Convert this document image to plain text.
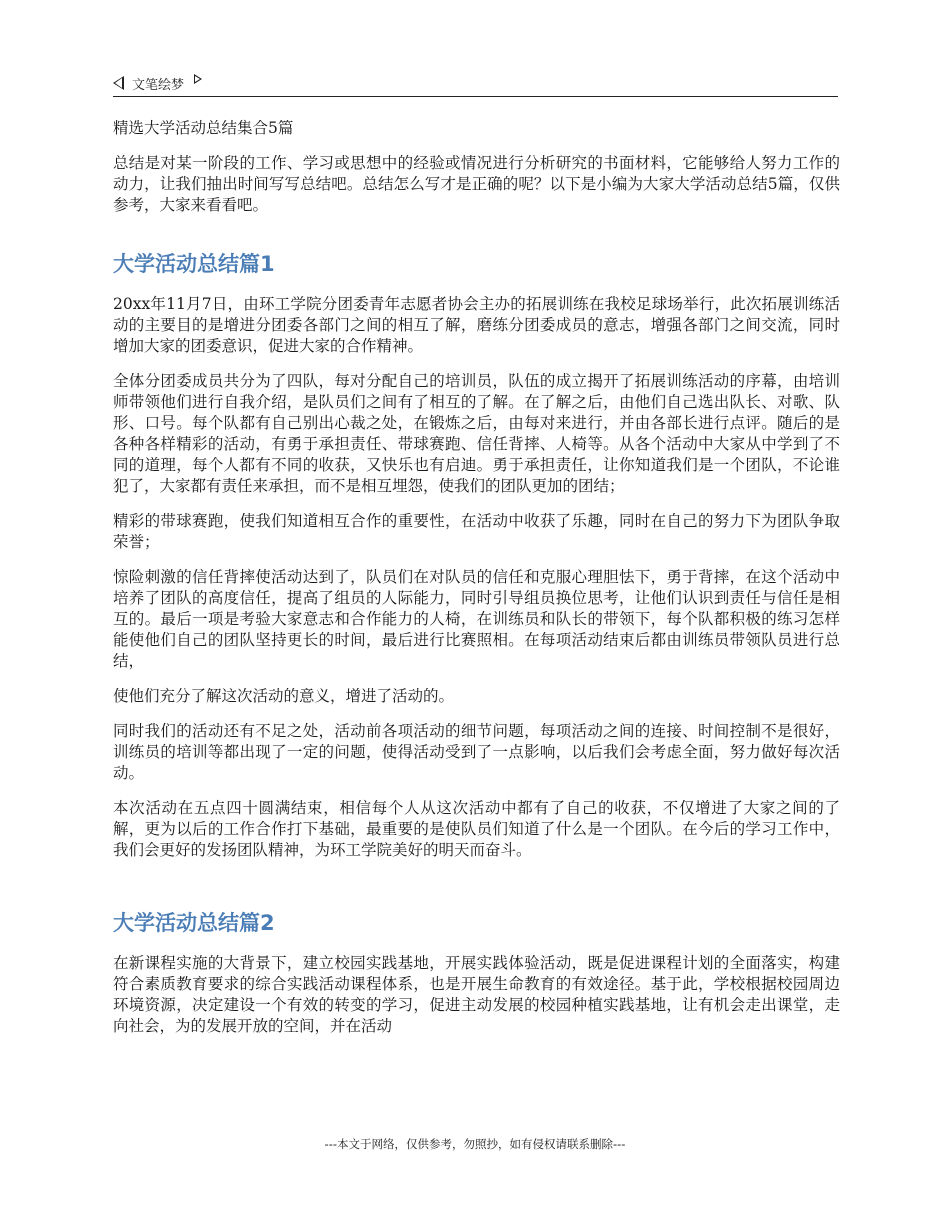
文笔绘梦

精选大学活动总结集合5篇

总结是对某一阶段的工作、学习或思想中的经验或情况进行分析研究的书面材料，它能够给人努力工作的动力，让我们抽出时间写写总结吧。总结怎么写才是正确的呢？以下是小编为大家大学活动总结5篇，仅供参考，大家来看看吧。

大学活动总结篇1

20xx年11月7日，由环工学院分团委青年志愿者协会主办的拓展训练在我校足球场举行，此次拓展训练活动的主要目的是增进分团委各部门之间的相互了解，磨练分团委成员的意志，增强各部门之间交流，同时增加大家的团委意识，促进大家的合作精神。

全体分团委成员共分为了四队，每对分配自己的培训员，队伍的成立揭开了拓展训练活动的序幕，由培训师带领他们进行自我介绍，是队员们之间有了相互的了解。在了解之后，由他们自己选出队长、对歌、队形、口号。每个队都有自己别出心裁之处，在锻炼之后，由每对来进行，并由各部长进行点评。随后的是各种各样精彩的活动，有勇于承担责任、带球赛跑、信任背摔、人椅等。从各个活动中大家从中学到了不同的道理，每个人都有不同的收获，又快乐也有启迪。勇于承担责任，让你知道我们是一个团队，不论谁犯了，大家都有责任来承担，而不是相互埋怨，使我们的团队更加的团结；

精彩的带球赛跑，使我们知道相互合作的重要性，在活动中收获了乐趣，同时在自己的努力下为团队争取荣誉；

惊险刺激的信任背摔使活动达到了，队员们在对队员的信任和克服心理胆怯下，勇于背摔，在这个活动中培养了团队的高度信任，提高了组员的人际能力，同时引导组员换位思考，让他们认识到责任与信任是相互的。最后一项是考验大家意志和合作能力的人椅，在训练员和队长的带领下，每个队都积极的练习怎样能使他们自己的团队坚持更长的时间，最后进行比赛照相。在每项活动结束后都由训练员带领队员进行总结，

使他们充分了解这次活动的意义，增进了活动的。

同时我们的活动还有不足之处，活动前各项活动的细节问题，每项活动之间的连接、时间控制不是很好，训练员的培训等都出现了一定的问题，使得活动受到了一点影响，以后我们会考虑全面，努力做好每次活动。

本次活动在五点四十圆满结束，相信每个人从这次活动中都有了自己的收获，不仅增进了大家之间的了解，更为以后的工作合作打下基础，最重要的是使队员们知道了什么是一个团队。在今后的学习工作中，我们会更好的发扬团队精神，为环工学院美好的明天而奋斗。

大学活动总结篇2

在新课程实施的大背景下，建立校园实践基地，开展实践体验活动，既是促进课程计划的全面落实，构建符合素质教育要求的综合实践活动课程体系，也是开展生命教育的有效途径。基于此，学校根据校园周边环境资源，决定建设一个有效的转变的学习，促进主动发展的校园种植实践基地，让有机会走出课堂，走向社会，为的发展开放的空间，并在活动

---本文于网络，仅供参考，勿照抄，如有侵权请联系删除---
